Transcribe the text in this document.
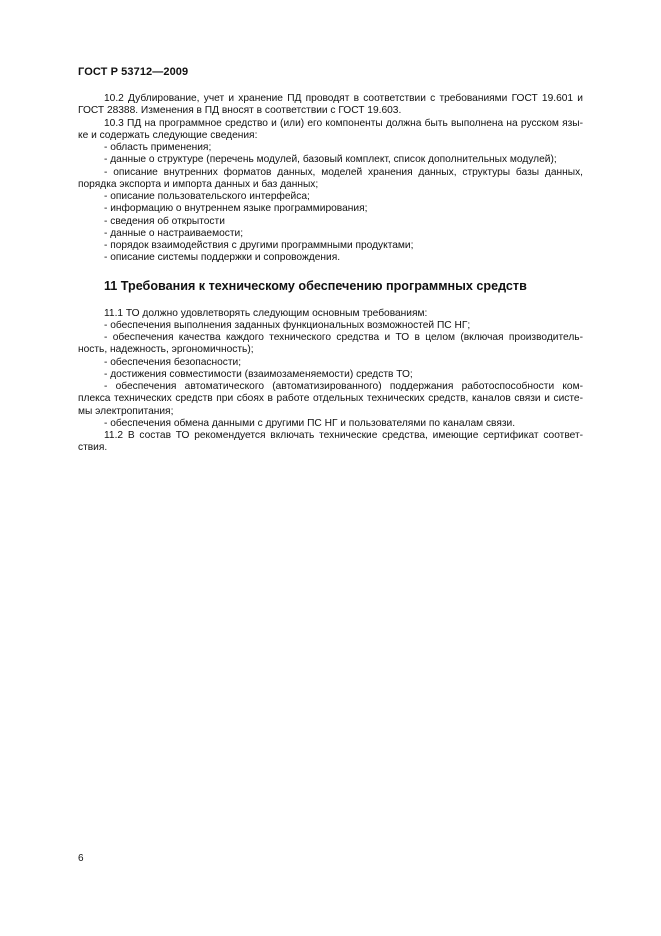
ГОСТ Р 53712—2009

10.2 Дублирование, учет и хранение ПД проводят в соответствии с требованиями ГОСТ 19.601 и

ГОСТ 28388. Изменения в ПД вносят в соответствии с ГОСТ 19.603.

10.3 ПД на программное средство и (или) его компоненты должна быть выполнена на русском язы-

ке и содержать следующие сведения:

- область применения;

- данные о структуре (перечень модулей, базовый комплект, список дополнительных модулей);

- описание внутренних форматов данных, моделей хранения данных, структуры базы данных,

порядка экспорта и импорта данных и баз данных;

- описание пользовательского интерфейса;

- информацию о внутреннем языке программирования;

- сведения об открытости

- данные о настраиваемости;

- порядок взаимодействия с другими программными продуктами;

- описание системы поддержки и сопровождения.

11 Требования к техническому обеспечению программных средств

11.1 ТО должно удовлетворять следующим основным требованиям:

- обеспечения выполнения заданных функциональных возможностей ПС НГ;

- обеспечения качества каждого технического средства и ТО в целом (включая производитель-

ность, надежность, эргономичность);

- обеспечения безопасности;

- достижения совместимости (взаимозаменяемости) средств ТО;

- обеспечения автоматического (автоматизированного) поддержания работоспособности ком-

плекса технических средств при сбоях в работе отдельных технических средств, каналов связи и систе-

мы электропитания;

- обеспечения обмена данными с другими ПС НГ и пользователями по каналам связи.

11.2 В состав ТО рекомендуется включать технические средства, имеющие сертификат соответ-

ствия.

6
